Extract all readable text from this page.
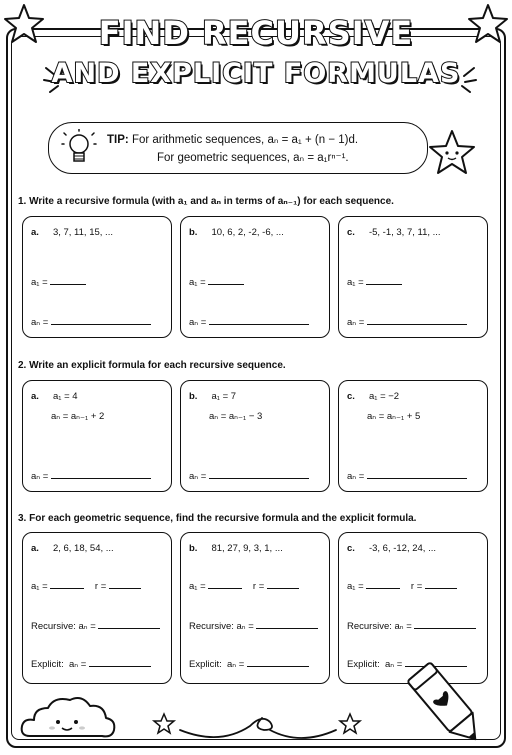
FIND RECURSIVE
AND EXPLICIT FORMULAS
TIP: For arithmetic sequences, aₙ = a₁ + (n − 1)d.
For geometric sequences, aₙ = a₁rⁿ⁻¹.
1. Write a recursive formula (with a₁ and aₙ in terms of aₙ₋₁) for each sequence.
a. 3, 7, 11, 15, ...
a₁ =
aₙ =
b. 10, 6, 2, -2, -6, ...
a₁ =
aₙ =
c. -5, -1, 3, 7, 11, ...
a₁ =
aₙ =
2. Write an explicit formula for each recursive sequence.
a. a₁ = 4
aₙ = aₙ₋₁ + 2
aₙ =
b. a₁ = 7
aₙ = aₙ₋₁ − 3
aₙ =
c. a₁ = −2
aₙ = aₙ₋₁ + 5
aₙ =
3. For each geometric sequence, find the recursive formula and the explicit formula.
a. 2, 6, 18, 54, ...
a₁ =	r =
Recursive: aₙ =
Explicit: aₙ =
b. 81, 27, 9, 3, 1, ...
a₁ =	r =
Recursive: aₙ =
Explicit: aₙ =
c. -3, 6, -12, 24, ...
a₁ =	r =
Recursive: aₙ =
Explicit: aₙ =
